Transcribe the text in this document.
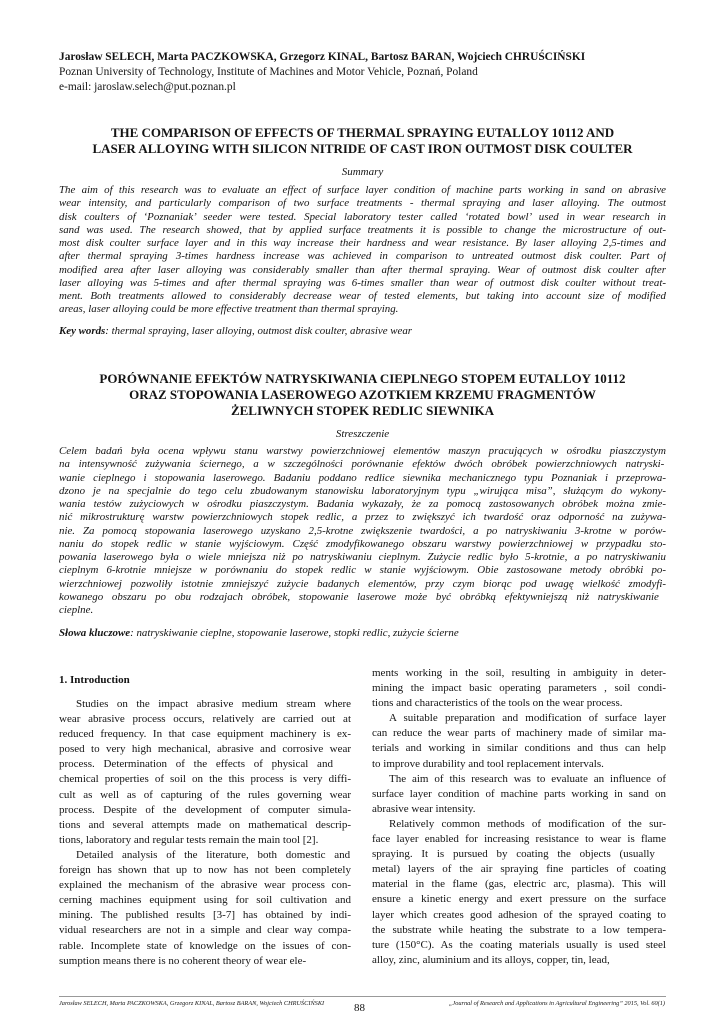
Jarosław SELECH, Marta PACZKOWSKA, Grzegorz KINAL, Bartosz BARAN, Wojciech CHRUŚCIŃSKI
Poznan University of Technology, Institute of Machines and Motor Vehicle, Poznań, Poland
e-mail: jaroslaw.selech@put.poznan.pl
THE COMPARISON OF EFFECTS OF THERMAL SPRAYING EUTALLOY 10112 AND
LASER ALLOYING WITH SILICON NITRIDE OF CAST IRON OUTMOST DISK COULTER
Summary
The aim of this research was to evaluate an effect of surface layer condition of machine parts working in sand on abrasive
wear intensity, and particularly comparison of two surface treatments - thermal spraying and laser alloying. The outmost
disk coulters of ‘Poznaniak’ seeder were tested. Special laboratory tester called ‘rotated bowl’ used in wear research in
sand was used. The research showed, that by applied surface treatments it is possible to change the microstructure of out-
most disk coulter surface layer and in this way increase their hardness and wear resistance. By laser alloying 2,5-times and
after thermal spraying 3-times hardness increase was achieved in comparison to untreated outmost disk coulter. Part of
modified area after laser alloying was considerably smaller than after thermal spraying. Wear of outmost disk coulter after
laser alloying was 5-times and after thermal spraying was 6-times smaller than wear of outmost disk coulter without treat-
ment. Both treatments allowed to considerably decrease wear of tested elements, but taking into account size of modified
areas, laser alloying could be more effective treatment than thermal spraying.
Key words: thermal spraying, laser alloying, outmost disk coulter, abrasive wear
PORÓWNANIE EFEKTÓW NATRYSKIWANIA CIEPLNEGO STOPEM EUTALLOY 10112
ORAZ STOPOWANIA LASEROWEGO AZOTKIEM KRZEMU FRAGMENTÓW
ŻELIWNYCH STOPEK REDLIC SIEWNIKA
Streszczenie
Celem badań była ocena wpływu stanu warstwy powierzchniowej elementów maszyn pracujących w ośrodku piaszczystym
na intensywność zużywania ściernego, a w szczególności porównanie efektów dwóch obróbek powierzchniowych natryski-
wanie cieplnego i stopowania laserowego. Badaniu poddano redlice siewnika mechanicznego typu Poznaniak i przeprowa-
dzono je na specjalnie do tego celu zbudowanym stanowisku laboratoryjnym typu „wirująca misa”, służącym do wykony-
wania testów zużyciowych w ośrodku piaszczystym. Badania wykazały, że za pomocą zastosowanych obróbek można zmie-
nić mikrostrukturę warstw powierzchniowych stopek redlic, a przez to zwiększyć ich twardość oraz odporność na zużywa-
nie. Za pomocą stopowania laserowego uzyskano 2,5-krotne zwiększenie twardości, a po natryskiwaniu 3-krotne w porów-
naniu do stopek redlic w stanie wyjściowym. Część zmodyfikowanego obszaru warstwy powierzchniowej w przypadku sto-
powania laserowego była o wiele mniejsza niż po natryskiwaniu cieplnym. Zużycie redlic było 5-krotnie, a po natryskiwaniu
cieplnym 6-krotnie mniejsze w porównaniu do stopek redlic w stanie wyjściowym. Obie zastosowane metody obróbki po-
wierzchniowej pozwoliły istotnie zmniejszyć zużycie badanych elementów, przy czym biorąc pod uwagę wielkość zmodyfi-
kowanego obszaru po obu rodzajach obróbek, stopowanie laserowe może być obróbką efektywniejszą niż natryskiwanie
cieplne.
Słowa kluczowe: natryskiwanie cieplne, stopowanie laserowe, stopki redlic, zużycie ścierne
1. Introduction
Studies on the impact abrasive medium stream where
wear abrasive process occurs, relatively are carried out at
reduced frequency. In that case equipment machinery is ex-
posed to very high mechanical, abrasive and corrosive wear
process. Determination of the effects of physical and
chemical properties of soil on the this process is very diffi-
cult as well as of capturing of the rules governing wear
process. Despite of the development of computer simula-
tions and several attempts made on mathematical descrip-
tions, laboratory and regular tests remain the main tool [2].
Detailed analysis of the literature, both domestic and
foreign has shown that up to now has not been completely
explained the mechanism of the abrasive wear process con-
cerning machines equipment using for soil cultivation and
mining. The published results [3-7] has obtained by indi-
vidual researchers are not in a simple and clear way compa-
rable. Incomplete state of knowledge on the issues of con-
sumption means there is no coherent theory of wear ele-
ments working in the soil, resulting in ambiguity in deter-
mining the impact basic operating parameters , soil condi-
tions and characteristics of the tools on the wear process.
A suitable preparation and modification of surface layer
can reduce the wear parts of machinery made of similar ma-
terials and working in similar conditions and thus can help
to improve durability and tool replacement intervals.
The aim of this research was to evaluate an influence of
surface layer condition of machine parts working in sand on
abrasive wear intensity.
Relatively common methods of modification of the sur-
face layer enabled for increasing resistance to wear is flame
spraying. It is pursued by coating the objects (usually
metal) layers of the air spraying fine particles of coating
material in the flame (gas, electric arc, plasma). This will
ensure a kinetic energy and exert pressure on the surface
layer which creates good adhesion of the sprayed coating to
the substrate while heating the substrate to a low tempera-
ture (150°C). As the coating materials usually is used steel
alloy, zinc, aluminium and its alloys, copper, tin, lead,
Jarosław SELECH, Marta PACZKOWSKA, Grzegorz KINAL, Bartosz BARAN, Wojciech CHRUŚCIŃSKI	88	„Journal of Research and Applications in Agricultural Engineering” 2015, Vol. 60(1)
